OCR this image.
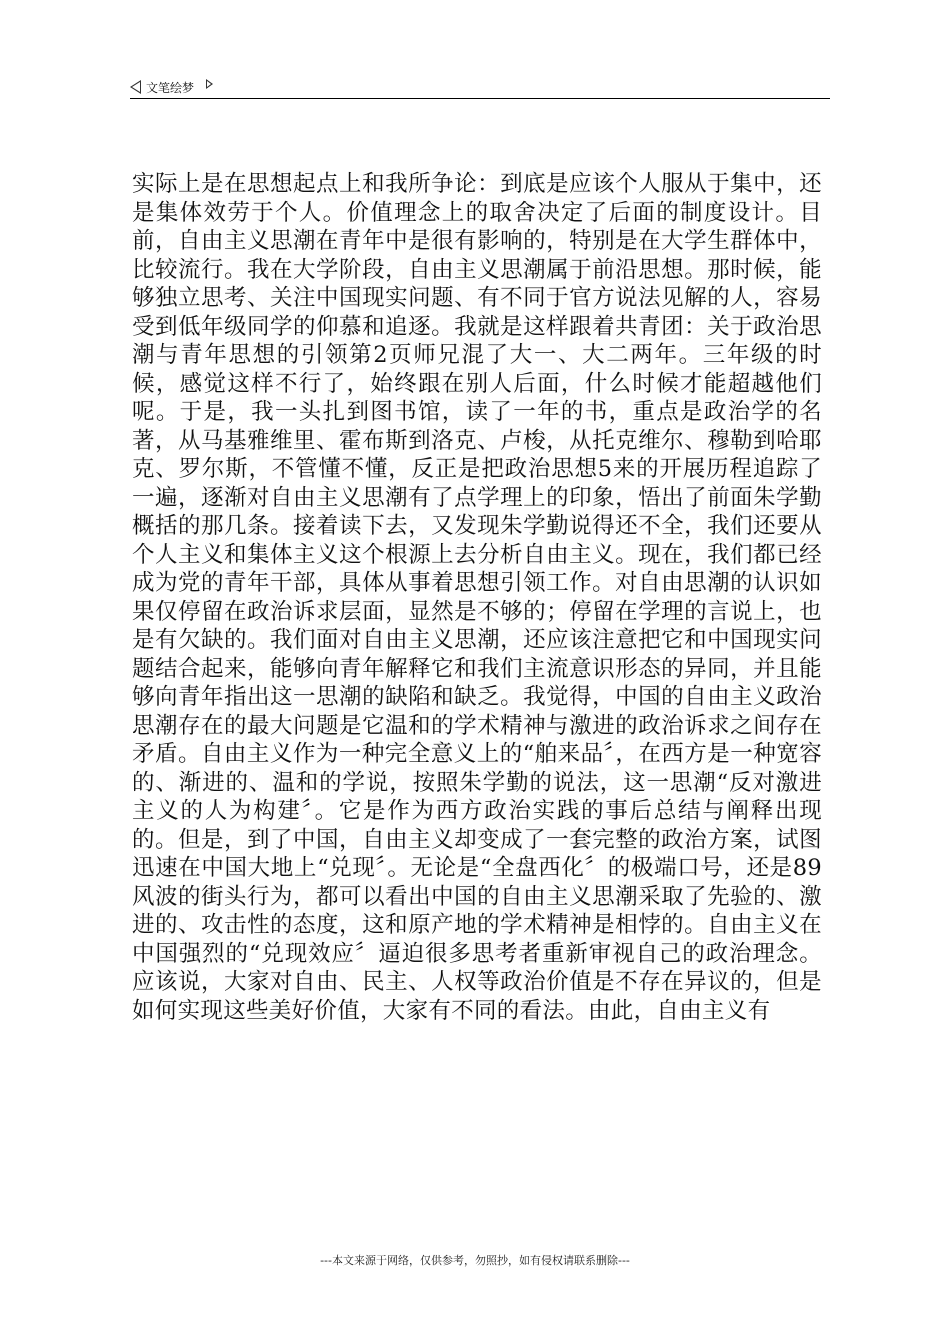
文笔绘梦

实际上是在思想起点上和我所争论：到底是应该个人服从于集中，还是集体效劳于个人。价值理念上的取舍决定了后面的制度设计。目前，自由主义思潮在青年中是很有影响的，特别是在大学生群体中，比较流行。我在大学阶段，自由主义思潮属于前沿思想。那时候，能够独立思考、关注中国现实问题、有不同于官方说法见解的人，容易受到低年级同学的仰慕和追逐。我就是这样跟着共青团：关于政治思潮与青年思想的引领第2页师兄混了大一、大二两年。三年级的时候，感觉这样不行了，始终跟在别人后面，什么时候才能超越他们呢。于是，我一头扎到图书馆，读了一年的书，重点是政治学的名著，从马基雅维里、霍布斯到洛克、卢梭，从托克维尔、穆勒到哈耶克、罗尔斯，不管懂不懂，反正是把政治思想5来的开展历程追踪了一遍，逐渐对自由主义思潮有了点学理上的印象，悟出了前面朱学勤概括的那几条。接着读下去，又发现朱学勤说得还不全，我们还要从个人主义和集体主义这个根源上去分析自由主义。现在，我们都已经成为党的青年干部，具体从事着思想引领工作。对自由思潮的认识如果仅停留在政治诉求层面，显然是不够的；停留在学理的言说上，也是有欠缺的。我们面对自由主义思潮，还应该注意把它和中国现实问题结合起来，能够向青年解释它和我们主流意识形态的异同，并且能够向青年指出这一思潮的缺陷和缺乏。我觉得，中国的自由主义政治思潮存在的最大问题是它温和的学术精神与激进的政治诉求之间存在矛盾。自由主义作为一种完全意义上的“舶来品〞，在西方是一种宽容的、渐进的、温和的学说，按照朱学勤的说法，这一思潮“反对激进主义的人为构建〞。它是作为西方政治实践的事后总结与阐释出现的。但是，到了中国，自由主义却变成了一套完整的政治方案，试图迅速在中国大地上“兑现〞。无论是“全盘西化〞的极端口号，还是89风波的街头行为，都可以看出中国的自由主义思潮采取了先验的、激进的、攻击性的态度，这和原产地的学术精神是相悖的。自由主义在中国强烈的“兑现效应〞逼迫很多思考者重新审视自己的政治理念。应该说，大家对自由、民主、人权等政治价值是不存在异议的，但是如何实现这些美好价值，大家有不同的看法。由此，自由主义有

---本文来源于网络，仅供参考，勿照抄，如有侵权请联系删除---
